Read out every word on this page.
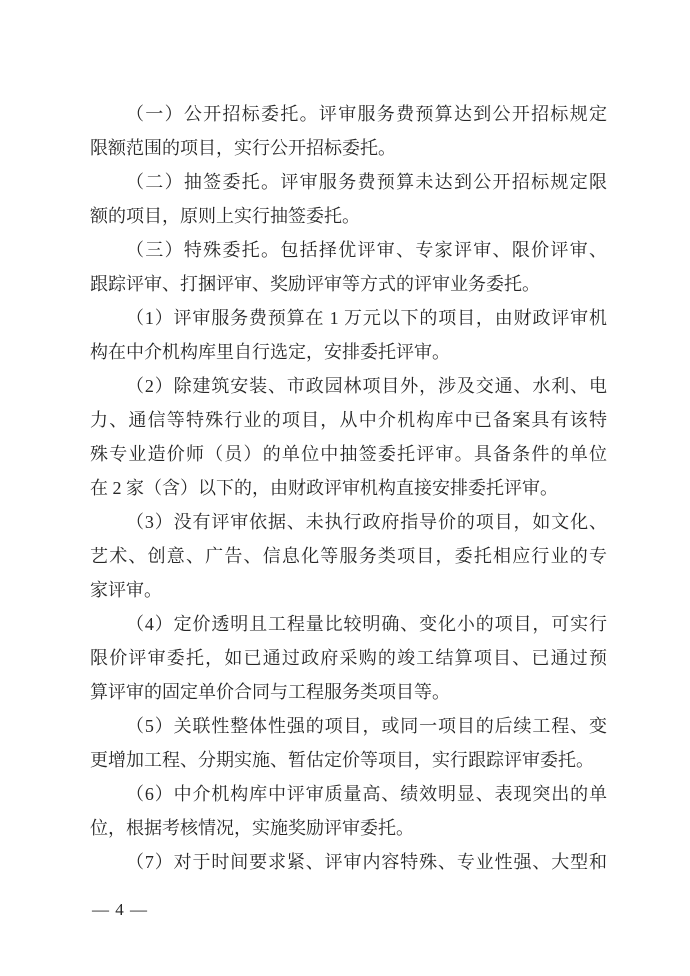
（一）公开招标委托。评审服务费预算达到公开招标规定
限额范围的项目，实行公开招标委托。
（二）抽签委托。评审服务费预算未达到公开招标规定限
额的项目，原则上实行抽签委托。
（三）特殊委托。包括择优评审、专家评审、限价评审、
跟踪评审、打捆评审、奖励评审等方式的评审业务委托。
（1）评审服务费预算在 1 万元以下的项目，由财政评审机
构在中介机构库里自行选定，安排委托评审。
（2）除建筑安装、市政园林项目外，涉及交通、水利、电
力、通信等特殊行业的项目，从中介机构库中已备案具有该特
殊专业造价师（员）的单位中抽签委托评审。具备条件的单位
在 2 家（含）以下的，由财政评审机构直接安排委托评审。
（3）没有评审依据、未执行政府指导价的项目，如文化、
艺术、创意、广告、信息化等服务类项目，委托相应行业的专
家评审。
（4）定价透明且工程量比较明确、变化小的项目，可实行
限价评审委托，如已通过政府采购的竣工结算项目、已通过预
算评审的固定单价合同与工程服务类项目等。
（5）关联性整体性强的项目，或同一项目的后续工程、变
更增加工程、分期实施、暂估定价等项目，实行跟踪评审委托。
（6）中介机构库中评审质量高、绩效明显、表现突出的单
位，根据考核情况，实施奖励评审委托。
（7）对于时间要求紧、评审内容特殊、专业性强、大型和
— 4 —
